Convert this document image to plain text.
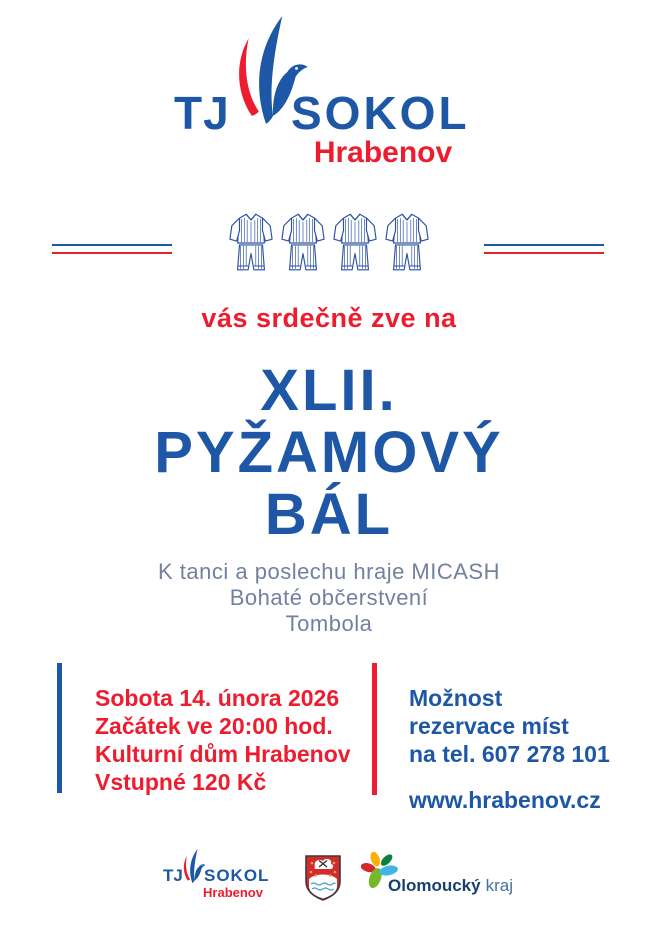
TJ SOKOL
Hrabenov
vás srdečně zve na
XLII.
PYŽAMOVÝ
BÁL
K tanci a poslechu hraje MICASH
Bohaté občerstvení
Tombola
Sobota 14. února 2026
Začátek ve 20:00 hod.
Kulturní dům Hrabenov
Vstupné 120 Kč
Možnost
rezervace míst
na tel. 607 278 101
www.hrabenov.cz
TJ SOKOL
Hrabenov	Olomoucký kraj
